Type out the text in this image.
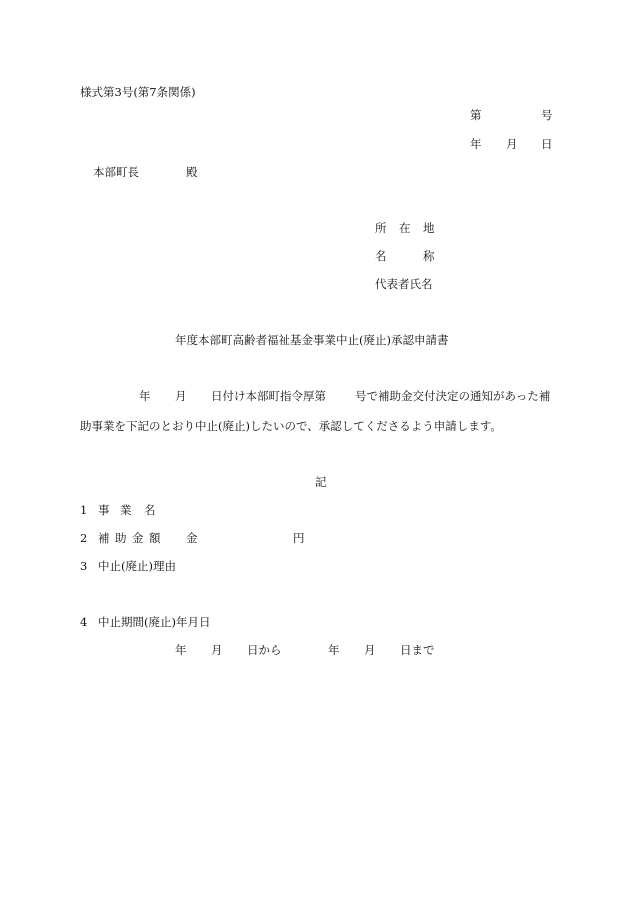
様式第3号(第7条関係)
第	号
年 月 日
本部町長	殿
所 在 地
名	称
代表者氏名
年度本部町高齢者福祉基金事業中止(廃止)承認申請書
年 月 日付け本部町指令厚第	号で補助金交付決定の通知があった補
助事業を下記のとおり中止(廃止)したいので、承認してくださるよう申請します。
記
1 事 業 名
2 補 助 金 額 金	円
3 中止(廃止)理由
4 中止期間(廃止)年月日
年 月 日から	年 月 日まで
